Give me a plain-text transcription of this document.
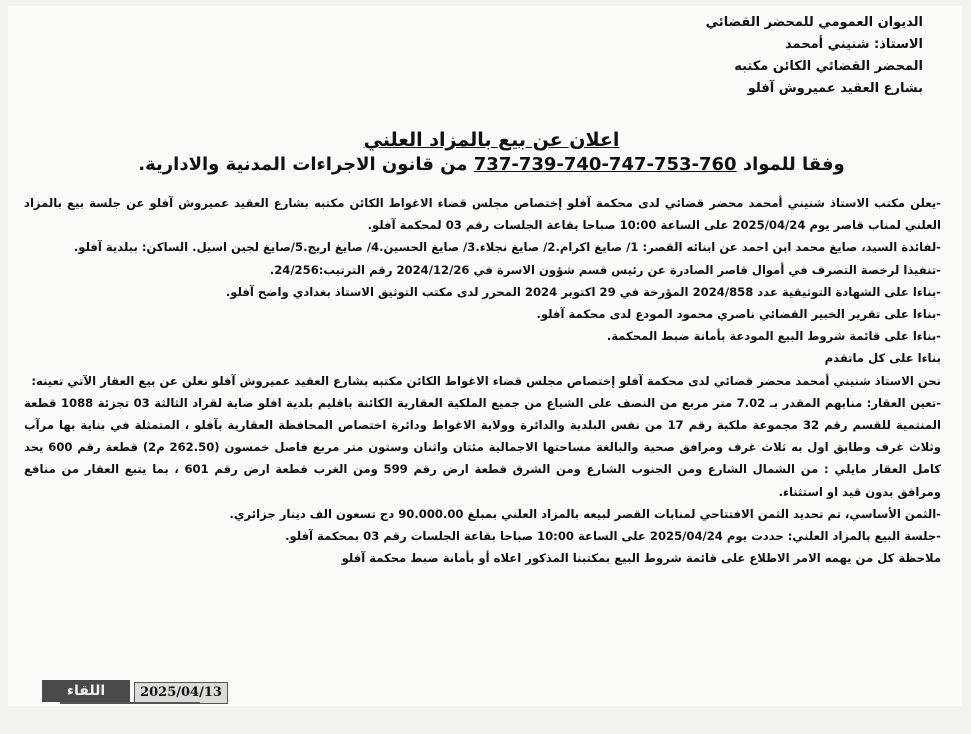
الديوان العمومي للمحضر القضائي
الاستاذ: شنيني أمحمد
المحضر القضائي الكائن مكتبه
بشارع العقيد عميروش آفلو
اعلان عن بيع بالمزاد العلني
وفقا للمواد 737-739-740-747-753-760 من قانون الاجراءات المدنية والادارية.

-يعلن مكتب الاستاذ شنيني أمحمد محضر قضائي لدى محكمة آفلو إختصاص مجلس قضاء الاغواط الكائن مكتبه بشارع العقيد عميروش آفلو عن جلسة بيع بالمزاد العلني لمناب قاصر يوم 2025/04/24 على الساعة 10:00 صباحا بقاعة الجلسات رقم 03 لمحكمة آفلو.

-لفائدة السيد، صايغ محمد ابن احمد عن ابنائه القصر: 1/ صايغ اكرام.2/ صايغ نجلاء.3/ صايغ الحسين.4/ صايغ اريج.5/صايغ لجين اسيل. الساكن: ببلدية آفلو.

-تنفيذا لرخصة التصرف في أموال قاصر الصادرة عن رئيس قسم شؤون الاسرة في 2024/12/26 رقم الترتيب:24/256.

-بناءا على الشهادة التوثيقية عدد 2024/858 المؤرخة في 29 اكتوبر 2024 المحرر لدى مكتب التوثيق الاستاذ بغدادي واضح آفلو.

-بناءا على تقرير الخبير القضائي ناصري محمود المودع لدى محكمة آفلو.

-بناءا على قائمة شروط البيع المودعة بأمانة ضبط المحكمة.

بناءا على كل ماتقدم

نحن الاستاذ شنيني أمحمد محضر قضائي لدى محكمة آفلو إختصاص مجلس قضاء الاغواط الكائن مكتبه بشارع العقيد عميروش آفلو نعلن عن بيع العقار الآتي تعينه:

-تعين العقار: منابهم المقدر بـ 7.02 متر مربع من النصف على الشياع من جميع الملكية العقارية الكائنة باقليم بلدية افلو ضاية لقراد الثالثة 03 تجزئة 1088 قطعة المنتمية للقسم رقم 32 مجموعة ملكية رقم 17 من نفس البلدية والدائرة وولاية الاغواط ودائرة اختصاص المحافظة العقارية بآفلو ، المتمثلة في بناية بها مرآب وثلاث غرف وطابق اول به ثلاث غرف ومرافق صحية والبالغة مساحتها الاجمالية مئتان واثنان وستون متر مربع فاصل خمسون (262.50 م2) قطعة رقم 600 يحد كامل العقار مايلي : من الشمال الشارع ومن الجنوب الشارع ومن الشرق قطعة ارض رقم 599 ومن الغرب قطعة ارض رقم 601 ، بما يتبع العقار من منافع ومرافق بدون قيد او استثناء.

-الثمن الأساسي، تم تحديد الثمن الافتتاحي لمنابات القصر لبيعه بالمزاد العلني بمبلغ 90.000.00 دج تسعون الف دينار جزائري.

-جلسة البيع بالمزاد العلني: حددت يوم 2025/04/24 على الساعة 10:00 صباحا بقاعة الجلسات رقم 03 بمحكمة آفلو.

ملاحظة كل من يهمه الامر الاطلاع على قائمة شروط البيع بمكتبنا المذكور اعلاه أو بأمانة ضبط محكمة آفلو

اللقاء	2025/04/13
